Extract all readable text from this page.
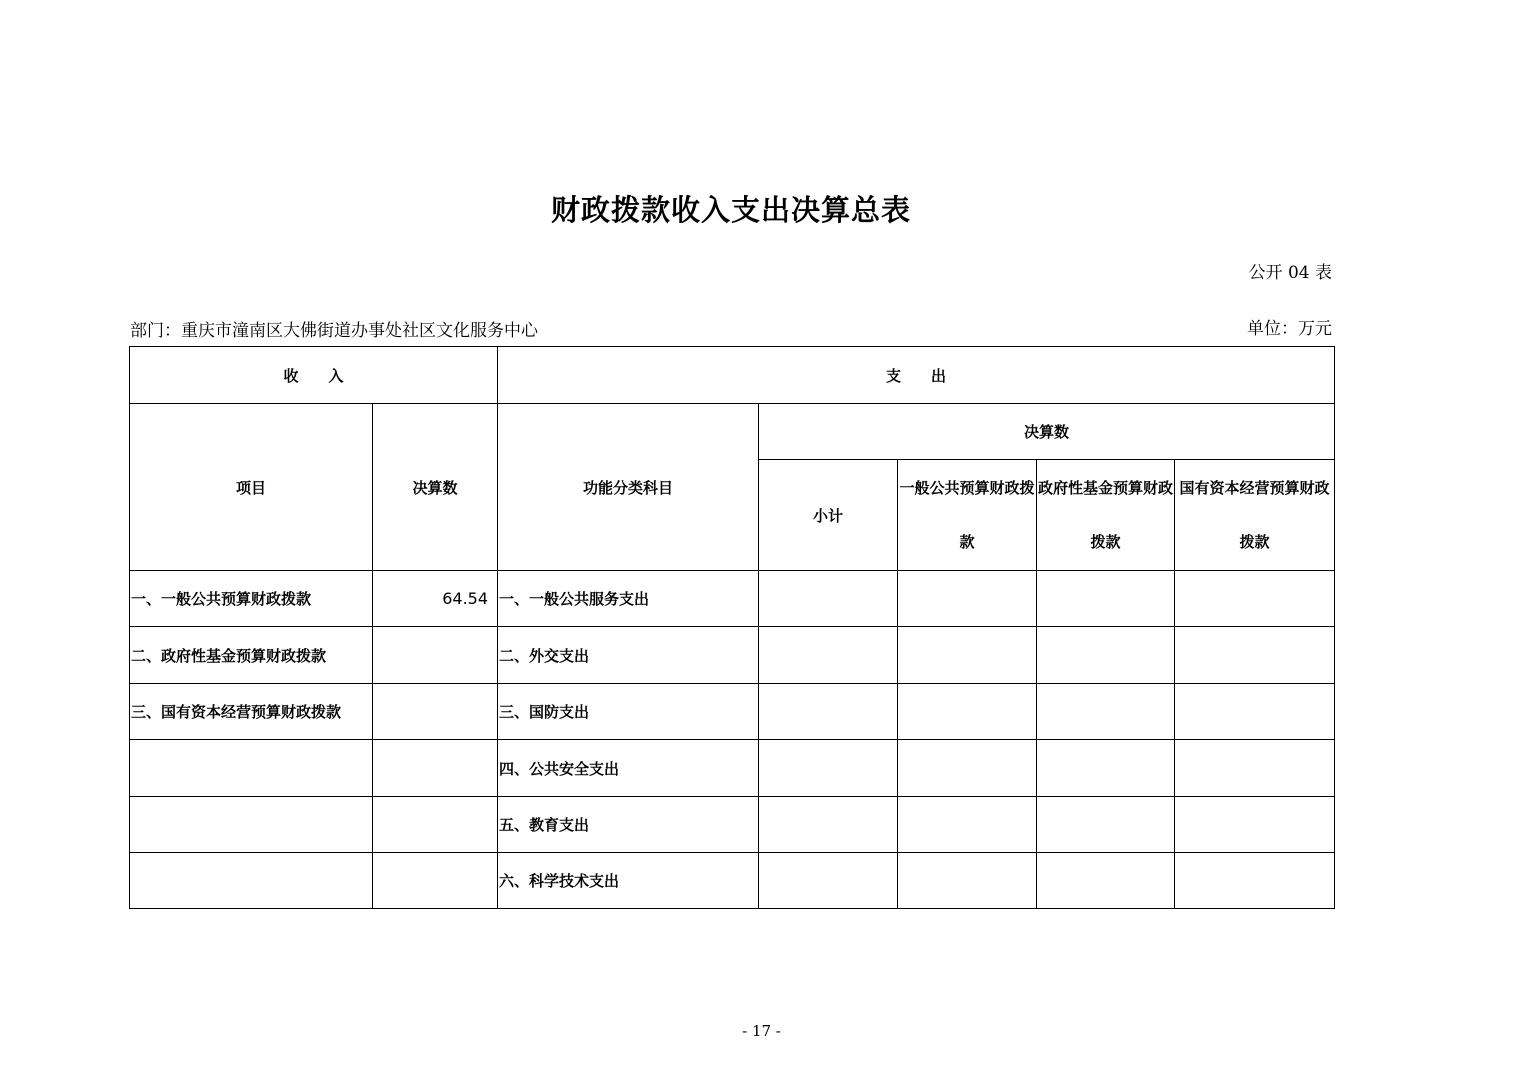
财政拨款收入支出决算总表
公开 04 表
部门：重庆市潼南区大佛街道办事处社区文化服务中心	单位：万元
收　　入		支　　出				
项目	决算数	功能分类科目	决算数			
			小计	一般公共预算财政拨款	政府性基金预算财政拨款	国有资本经营预算财政拨款

一、一般公共预算财政拨款	64.54	一、一般公共服务支出				
二、政府性基金预算财政拨款		二、外交支出				
三、国有资本经营预算财政拨款		三、国防支出				
		四、公共安全支出				
		五、教育支出				
		六、科学技术支出				
- 17 -
